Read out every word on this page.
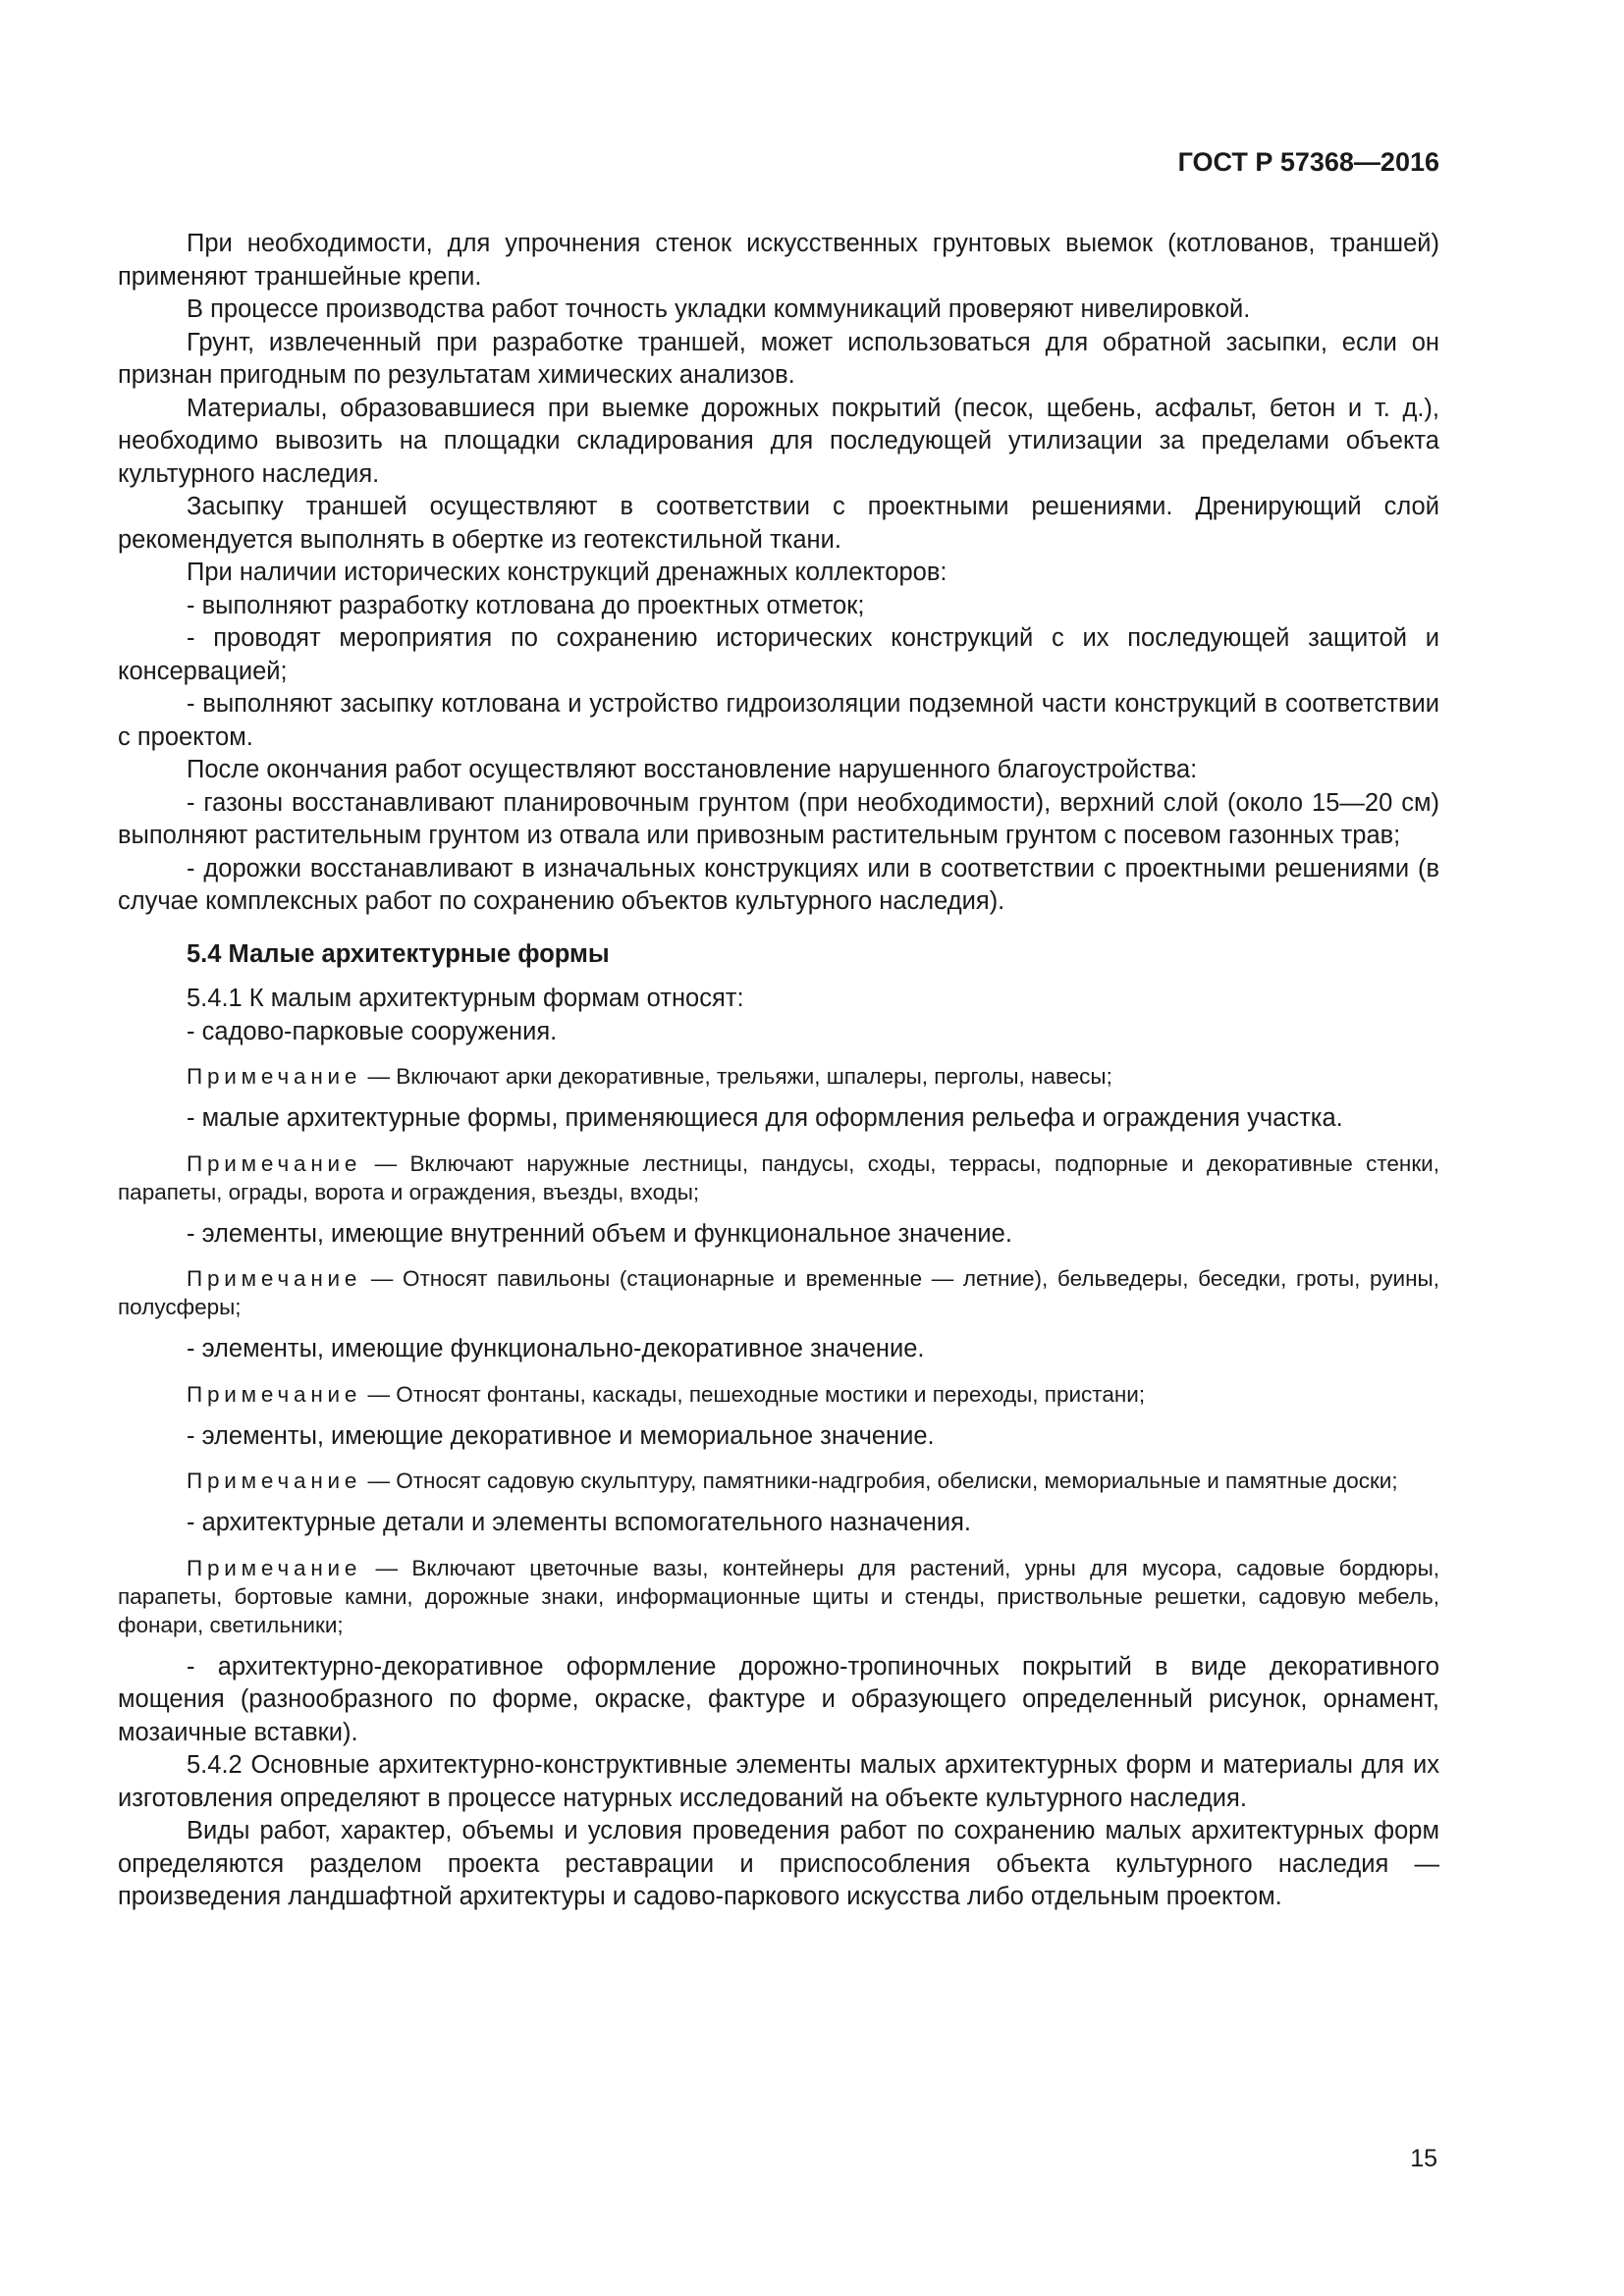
ГОСТ Р 57368—2016

При необходимости, для упрочнения стенок искусственных грунтовых выемок (котлованов, траншей) применяют траншейные крепи.

В процессе производства работ точность укладки коммуникаций проверяют нивелировкой.

Грунт, извлеченный при разработке траншей, может использоваться для обратной засыпки, если он признан пригодным по результатам химических анализов.

Материалы, образовавшиеся при выемке дорожных покрытий (песок, щебень, асфальт, бетон и т. д.), необходимо вывозить на площадки складирования для последующей утилизации за пределами объекта культурного наследия.

Засыпку траншей осуществляют в соответствии с проектными решениями. Дренирующий слой рекомендуется выполнять в обертке из геотекстильной ткани.

При наличии исторических конструкций дренажных коллекторов:

- выполняют разработку котлована до проектных отметок;

- проводят мероприятия по сохранению исторических конструкций с их последующей защитой и консервацией;

- выполняют засыпку котлована и устройство гидроизоляции подземной части конструкций в соответствии с проектом.

После окончания работ осуществляют восстановление нарушенного благоустройства:

- газоны восстанавливают планировочным грунтом (при необходимости), верхний слой (около 15—20 см) выполняют растительным грунтом из отвала или привозным растительным грунтом с посевом газонных трав;

- дорожки восстанавливают в изначальных конструкциях или в соответствии с проектными решениями (в случае комплексных работ по сохранению объектов культурного наследия).

5.4 Малые архитектурные формы

5.4.1 К малым архитектурным формам относят:

- садово-парковые сооружения.

Примечание — Включают арки декоративные, трельяжи, шпалеры, перголы, навесы;

- малые архитектурные формы, применяющиеся для оформления рельефа и ограждения участка.

Примечание — Включают наружные лестницы, пандусы, сходы, террасы, подпорные и декоративные стенки, парапеты, ограды, ворота и ограждения, въезды, входы;

- элементы, имеющие внутренний объем и функциональное значение.

Примечание — Относят павильоны (стационарные и временные — летние), бельведеры, беседки, гроты, руины, полусферы;

- элементы, имеющие функционально-декоративное значение.

Примечание — Относят фонтаны, каскады, пешеходные мостики и переходы, пристани;

- элементы, имеющие декоративное и мемориальное значение.

Примечание — Относят садовую скульптуру, памятники-надгробия, обелиски, мемориальные и памятные доски;

- архитектурные детали и элементы вспомогательного назначения.

Примечание — Включают цветочные вазы, контейнеры для растений, урны для мусора, садовые бордюры, парапеты, бортовые камни, дорожные знаки, информационные щиты и стенды, приствольные решетки, садовую мебель, фонари, светильники;

- архитектурно-декоративное оформление дорожно-тропиночных покрытий в виде декоративного мощения (разнообразного по форме, окраске, фактуре и образующего определенный рисунок, орнамент, мозаичные вставки).

5.4.2 Основные архитектурно-конструктивные элементы малых архитектурных форм и материалы для их изготовления определяют в процессе натурных исследований на объекте культурного наследия.

Виды работ, характер, объемы и условия проведения работ по сохранению малых архитектурных форм определяются разделом проекта реставрации и приспособления объекта культурного наследия — произведения ландшафтной архитектуры и садово-паркового искусства либо отдельным проектом.

15
